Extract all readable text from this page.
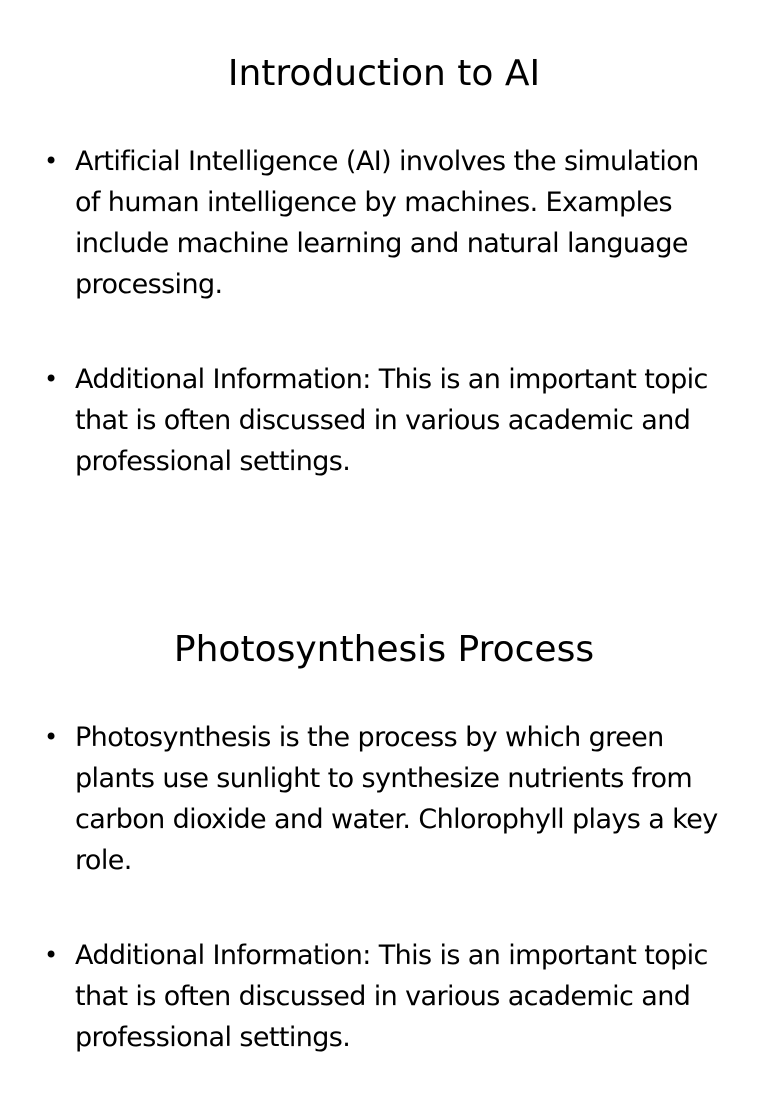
Introduction to AI
• Artificial Intelligence (AI) involves the simulation of human intelligence by machines. Examples include machine learning and natural language processing.
• Additional Information: This is an important topic that is often discussed in various academic and professional settings.
Photosynthesis Process
• Photosynthesis is the process by which green plants use sunlight to synthesize nutrients from carbon dioxide and water. Chlorophyll plays a key role.
• Additional Information: This is an important topic that is often discussed in various academic and professional settings.
